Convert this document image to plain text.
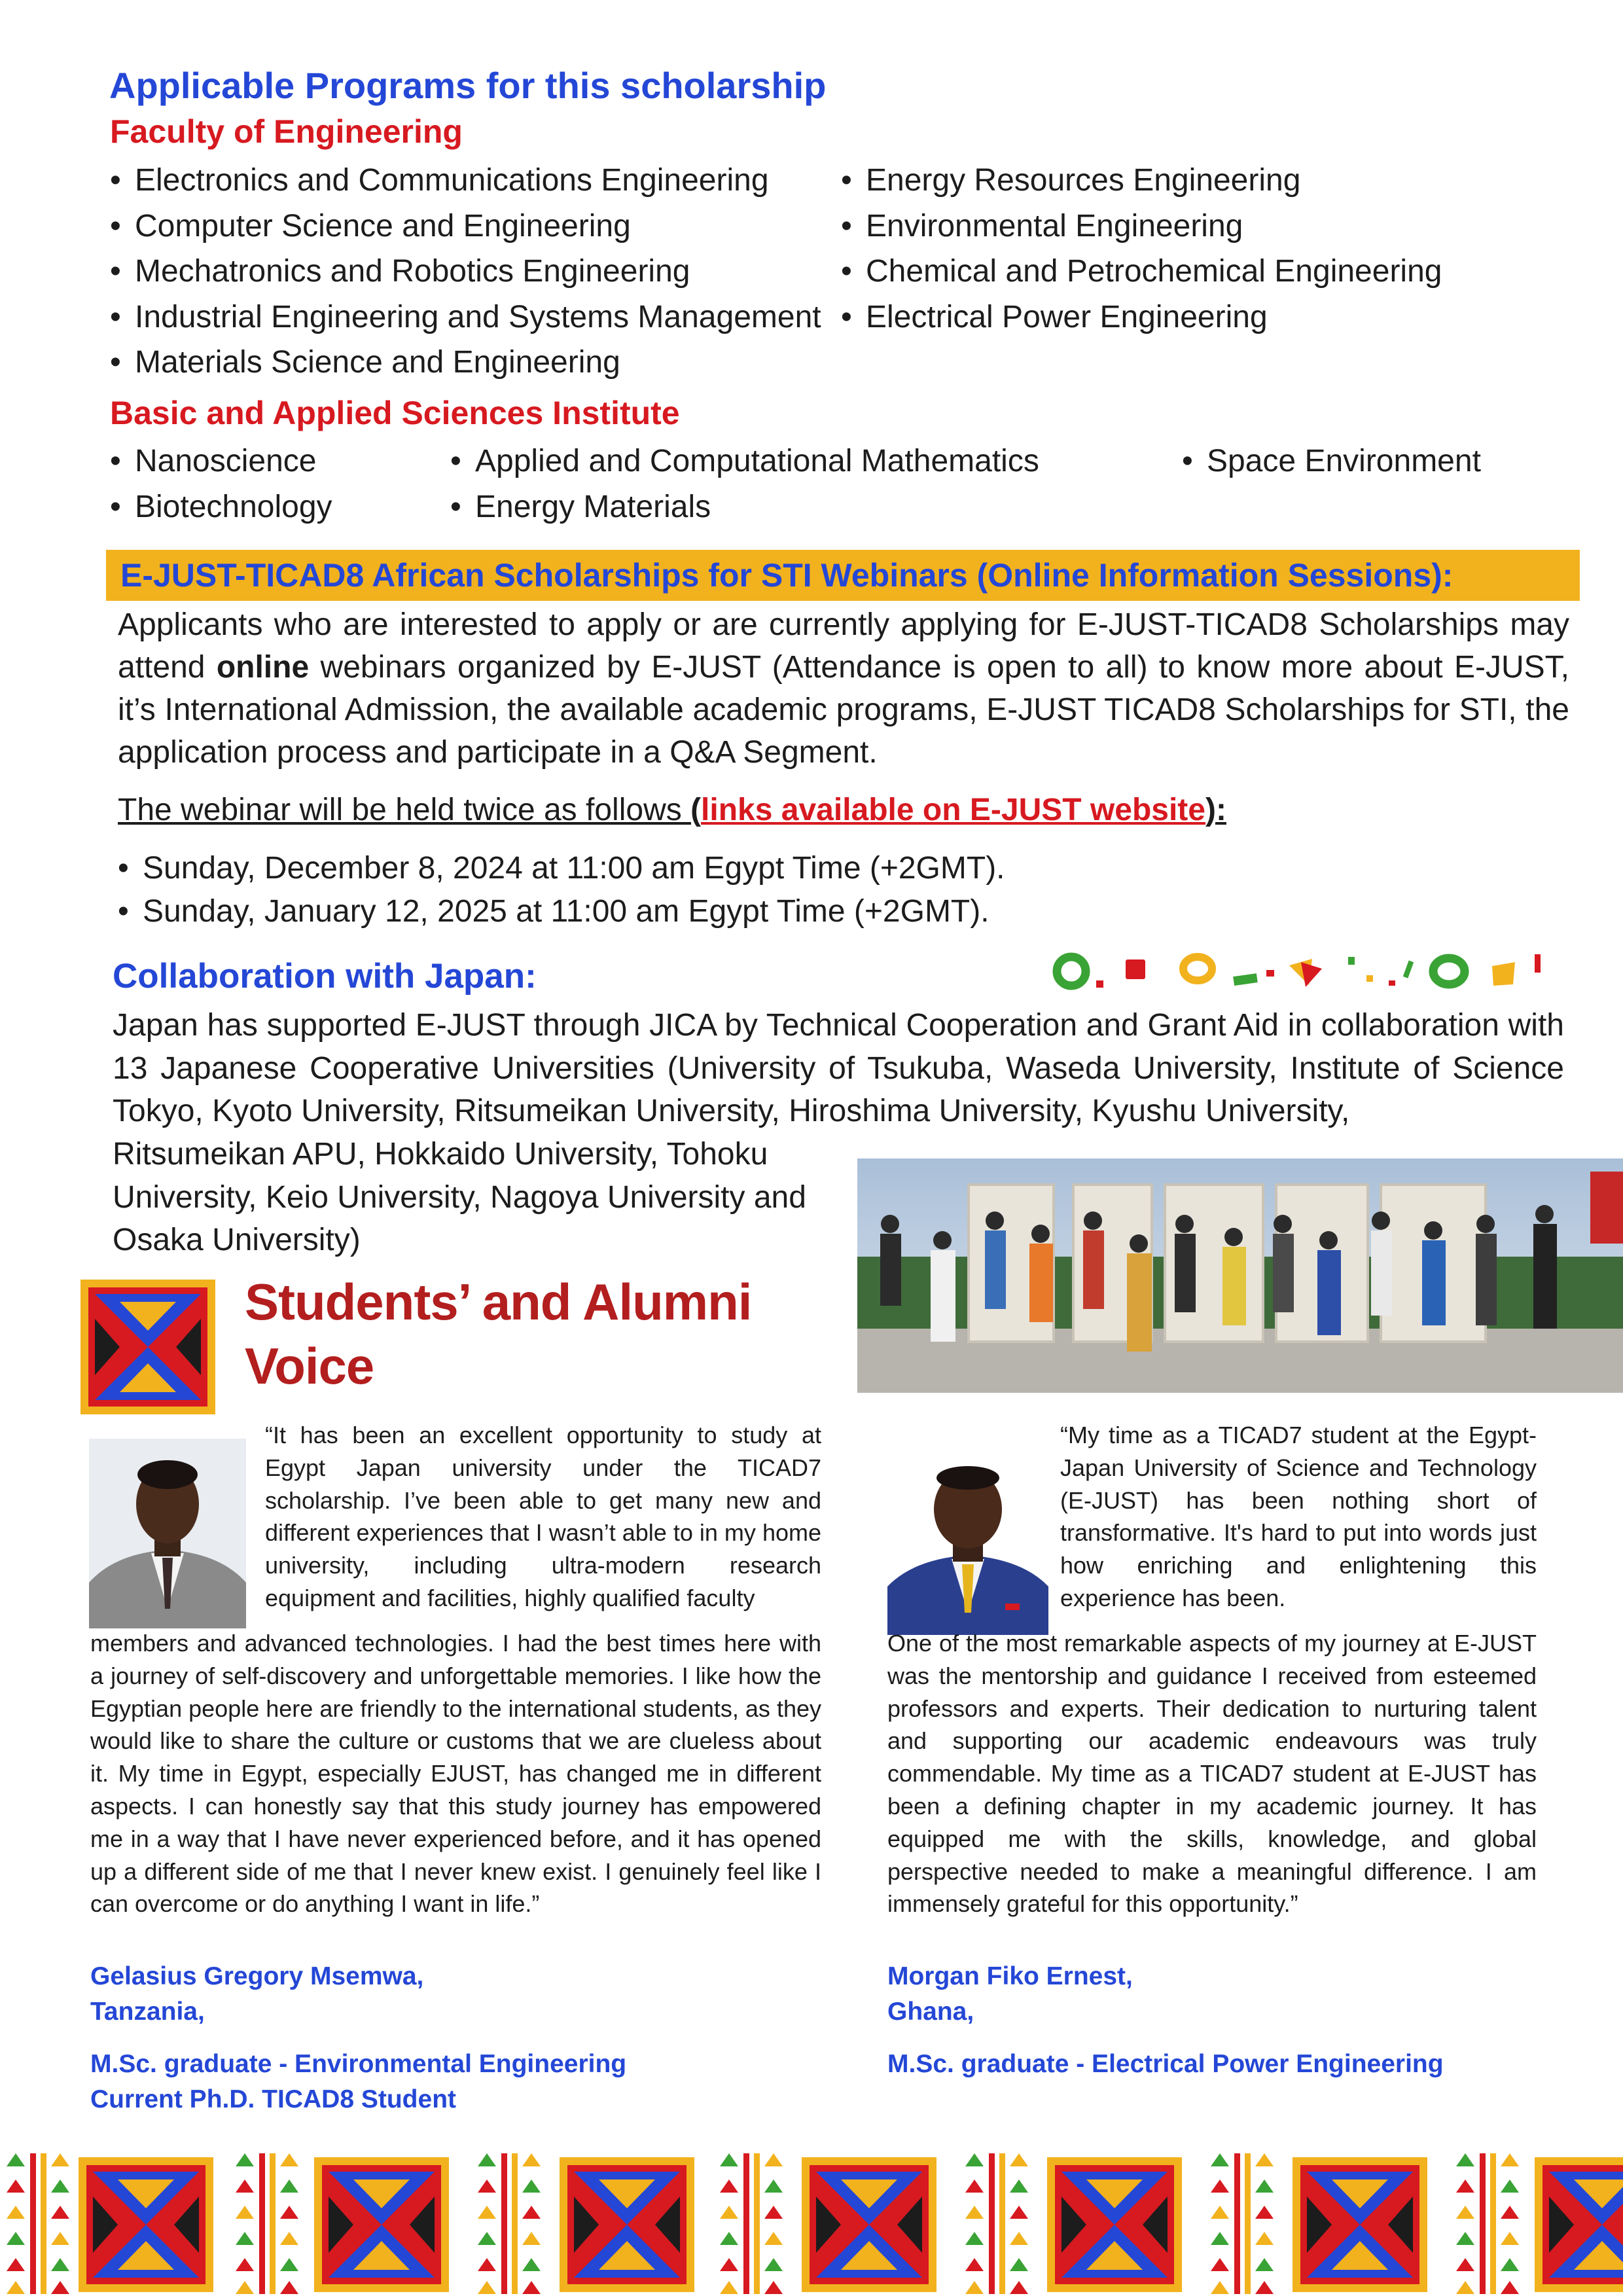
Applicable Programs for this scholarship
Faculty of Engineering
• Electronics and Communications Engineering
• Computer Science and Engineering
• Mechatronics and Robotics Engineering
• Industrial Engineering and Systems Management
• Materials Science and Engineering
• Energy Resources Engineering
• Environmental Engineering
• Chemical and Petrochemical Engineering
• Electrical Power Engineering
Basic and Applied Sciences Institute
• Nanoscience
• Biotechnology
• Applied and Computational Mathematics
• Energy Materials
• Space Environment
E-JUST-TICAD8 African Scholarships for STI Webinars (Online Information Sessions):
Applicants who are interested to apply or are currently applying for E-JUST-TICAD8 Scholarships may attend online webinars organized by E-JUST (Attendance is open to all) to know more about E-JUST, it’s International Admission, the available academic programs, E-JUST TICAD8 Scholarships for STI, the application process and participate in a Q&A Segment.
The webinar will be held twice as follows (links available on E-JUST website):
• Sunday, December 8, 2024 at 11:00 am Egypt Time (+2GMT).
• Sunday, January 12, 2025 at 11:00 am Egypt Time (+2GMT).
Collaboration with Japan:
Japan has supported E-JUST through JICA by Technical Cooperation and Grant Aid in collaboration with 13 Japanese Cooperative Universities (University of Tsukuba, Waseda University, Institute of Science Tokyo, Kyoto University, Ritsumeikan University, Hiroshima University, Kyushu University,
Ritsumeikan APU, Hokkaido University, Tohoku University, Keio University, Nagoya University and Osaka University)
Students’ and Alumni
Voice
“It has been an excellent opportunity to study at Egypt Japan university under the TICAD7 scholarship. I’ve been able to get many new and different experiences that I wasn’t able to in my home university, including ultra-modern research equipment and facilities, highly qualified faculty
members and advanced technologies. I had the best times here with a journey of self-discovery and unforgettable memories. I like how the Egyptian people here are friendly to the international students, as they would like to share the culture or customs that we are clueless about it. My time in Egypt, especially EJUST, has changed me in different aspects. I can honestly say that this study journey has empowered me in a way that I have never experienced before, and it has opened up a different side of me that I never knew exist. I genuinely feel like I can overcome or do anything I want in life.”
Gelasius Gregory Msemwa,
Tanzania,
M.Sc. graduate - Environmental Engineering
Current Ph.D. TICAD8 Student
“My time as a TICAD7 student at the Egypt-Japan University of Science and Technology (E-JUST) has been nothing short of transformative. It's hard to put into words just how enriching and enlightening this experience has been.
One of the most remarkable aspects of my journey at E-JUST was the mentorship and guidance I received from esteemed professors and experts. Their dedication to nurturing talent and supporting our academic endeavours was truly commendable. My time as a TICAD7 student at E-JUST has been a defining chapter in my academic journey. It has equipped me with the skills, knowledge, and global perspective needed to make a meaningful difference. I am immensely grateful for this opportunity.”
Morgan Fiko Ernest,
Ghana,
M.Sc. graduate - Electrical Power Engineering
